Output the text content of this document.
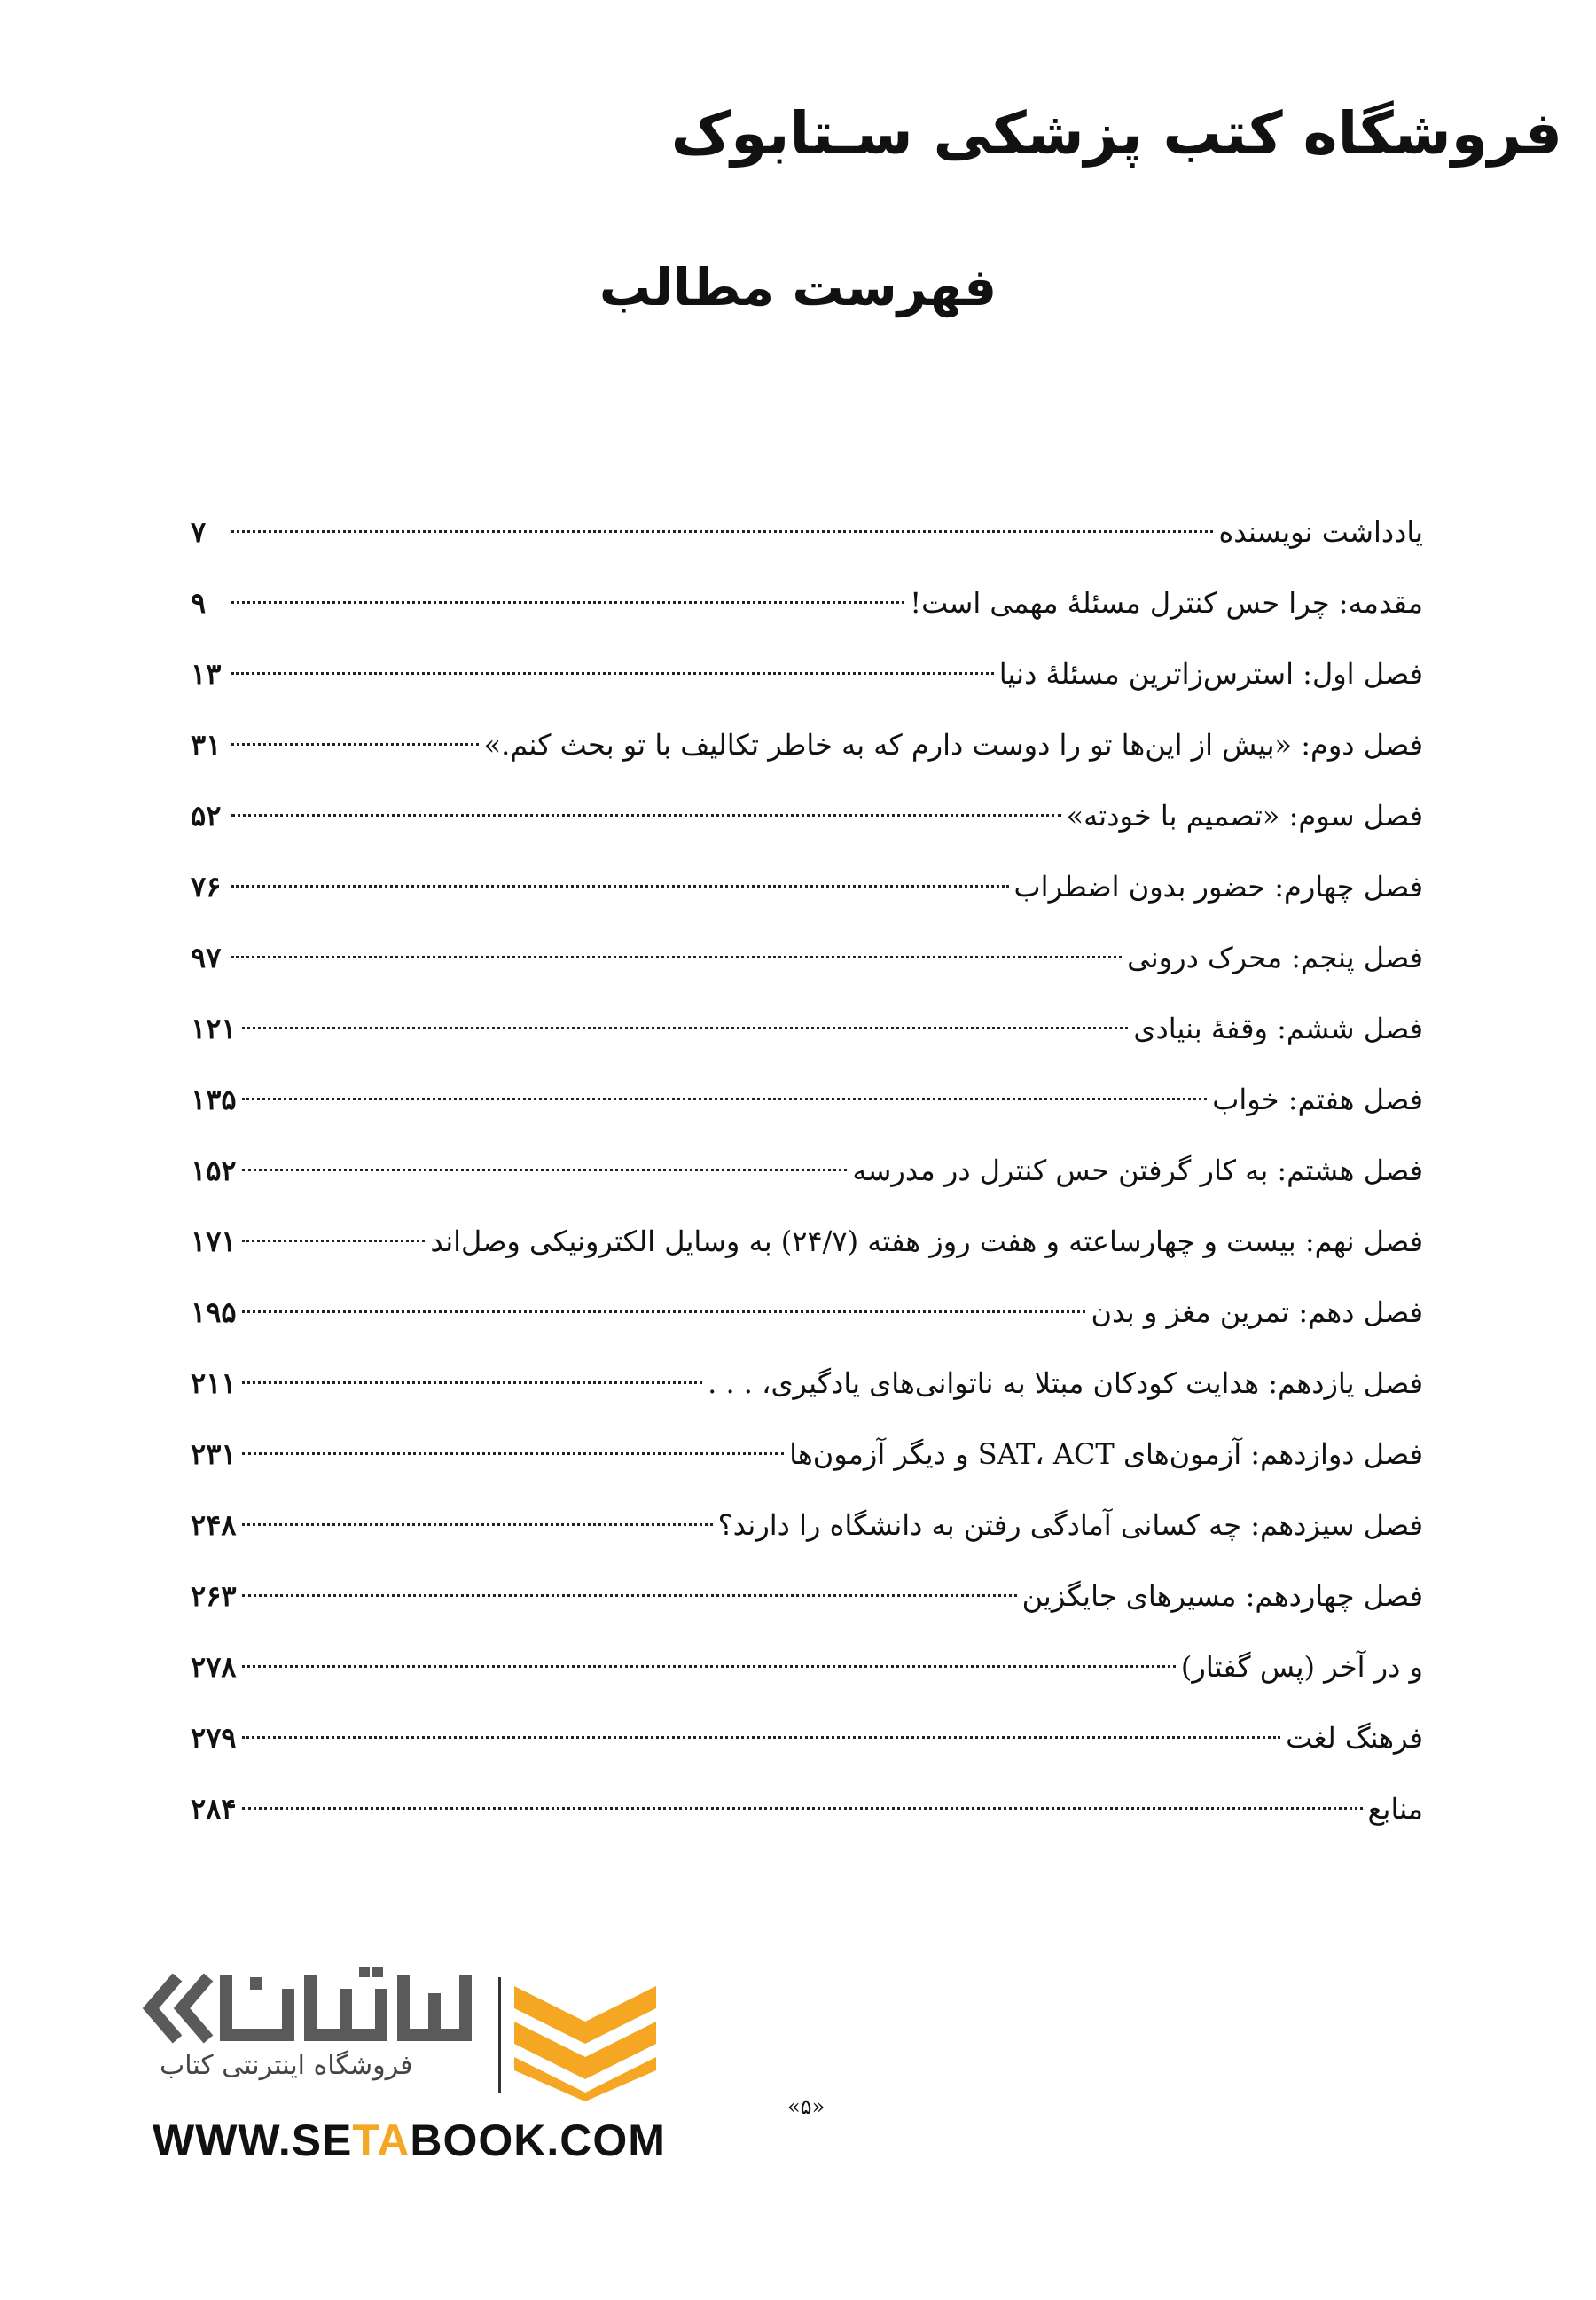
فروشگاه کتب پزشکی سـتابوک
فهرست مطالب
یادداشت نویسنده
۷
مقدمه: چرا حس کنترل مسئلهٔ مهمی است!
۹
فصل اول: استرس‌زاترین مسئلهٔ دنیا
۱۳
فصل دوم: «بیش از این‌ها تو را دوست دارم که به خاطر تکالیف با تو بحث کنم.»
۳۱
فصل سوم: «تصمیم با خودته»
۵۲
فصل چهارم: حضور بدون اضطراب
۷۶
فصل پنجم: محرک درونی
۹۷
فصل ششم: وقفهٔ بنیادی
۱۲۱
فصل هفتم: خواب
۱۳۵
فصل هشتم: به کار گرفتن حس کنترل در مدرسه
۱۵۲
فصل نهم: بیست و چهارساعته و هفت روز هفته (۲۴/۷) به وسایل الکترونیکی وصل‌اند
۱۷۱
فصل دهم: تمرین مغز و بدن
۱۹۵
فصل یازدهم: هدایت کودکان مبتلا به ناتوانی‌های یادگیری، . . .
۲۱۱
فصل دوازدهم: آزمون‌های SAT، ACT و دیگر آزمون‌ها
۲۳۱
فصل سیزدهم: چه کسانی آمادگی رفتن به دانشگاه را دارند؟
۲۴۸
فصل چهاردهم: مسیرهای جایگزین
۲۶۳
و در آخر (پس گفتار)
۲۷۸
فرهنگ لغت
۲۷۹
منابع
۲۸۴
فروشگاه اینترنتی کتاب
WWW.SETABOOK.COM
«۵»
